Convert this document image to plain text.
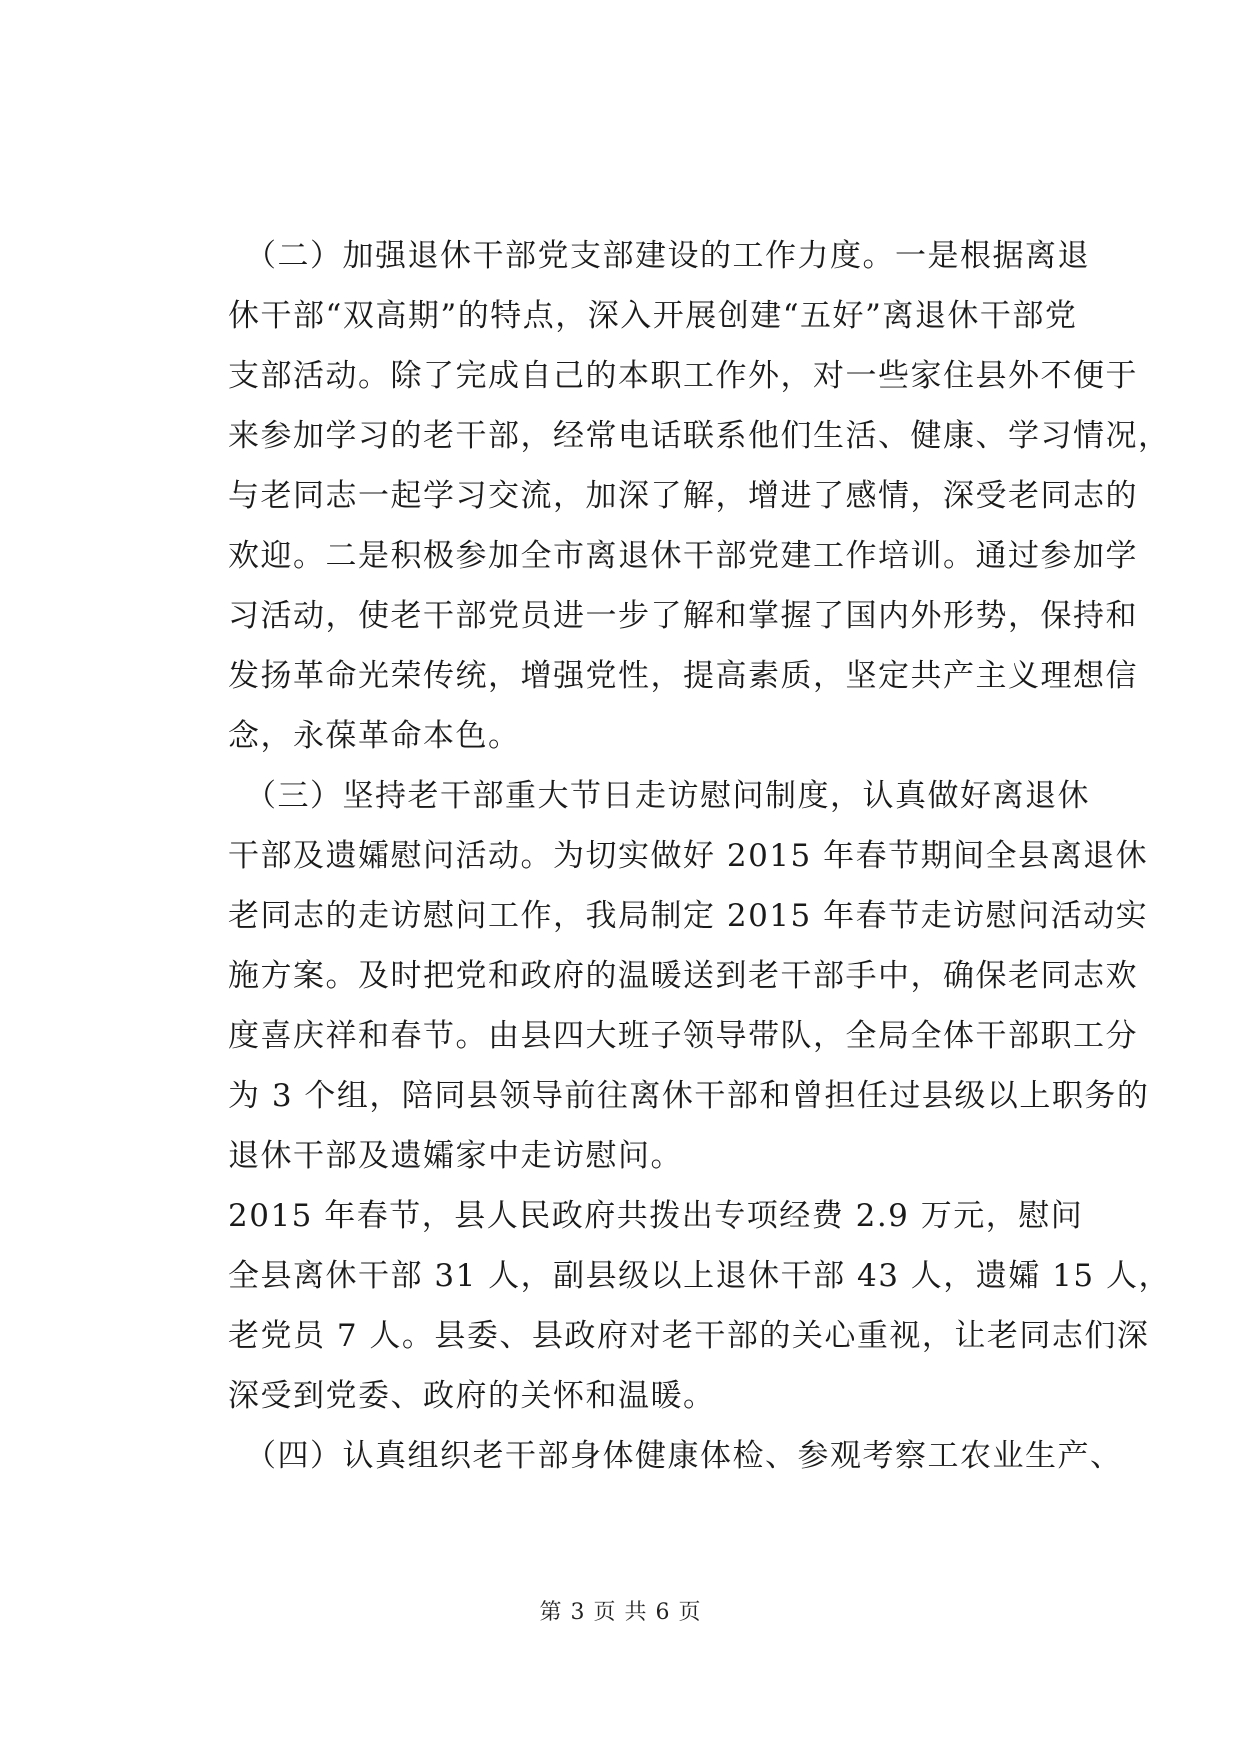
　（二）加强退休干部党支部建设的工作力度。一是根据离退
休干部“双高期”的特点，深入开展创建“五好”离退休干部党
支部活动。除了完成自己的本职工作外，对一些家住县外不便于
来参加学习的老干部，经常电话联系他们生活、健康、学习情况，
与老同志一起学习交流，加深了解，增进了感情，深受老同志的
欢迎。二是积极参加全市离退休干部党建工作培训。通过参加学
习活动，使老干部党员进一步了解和掌握了国内外形势，保持和
发扬革命光荣传统，增强党性，提高素质，坚定共产主义理想信
念，永葆革命本色。
　（三）坚持老干部重大节日走访慰问制度，认真做好离退休
干部及遗孀慰问活动。为切实做好 2015 年春节期间全县离退休
老同志的走访慰问工作，我局制定 2015 年春节走访慰问活动实
施方案。及时把党和政府的温暖送到老干部手中，确保老同志欢
度喜庆祥和春节。由县四大班子领导带队，全局全体干部职工分
为 3 个组，陪同县领导前往离休干部和曾担任过县级以上职务的
退休干部及遗孀家中走访慰问。
2015 年春节，县人民政府共拨出专项经费 2.9 万元，慰问
全县离休干部 31 人，副县级以上退休干部 43 人，遗孀 15 人，
老党员 7 人。县委、县政府对老干部的关心重视，让老同志们深
深受到党委、政府的关怀和温暖。
　（四）认真组织老干部身体健康体检、参观考察工农业生产、
第 3 页 共 6 页
